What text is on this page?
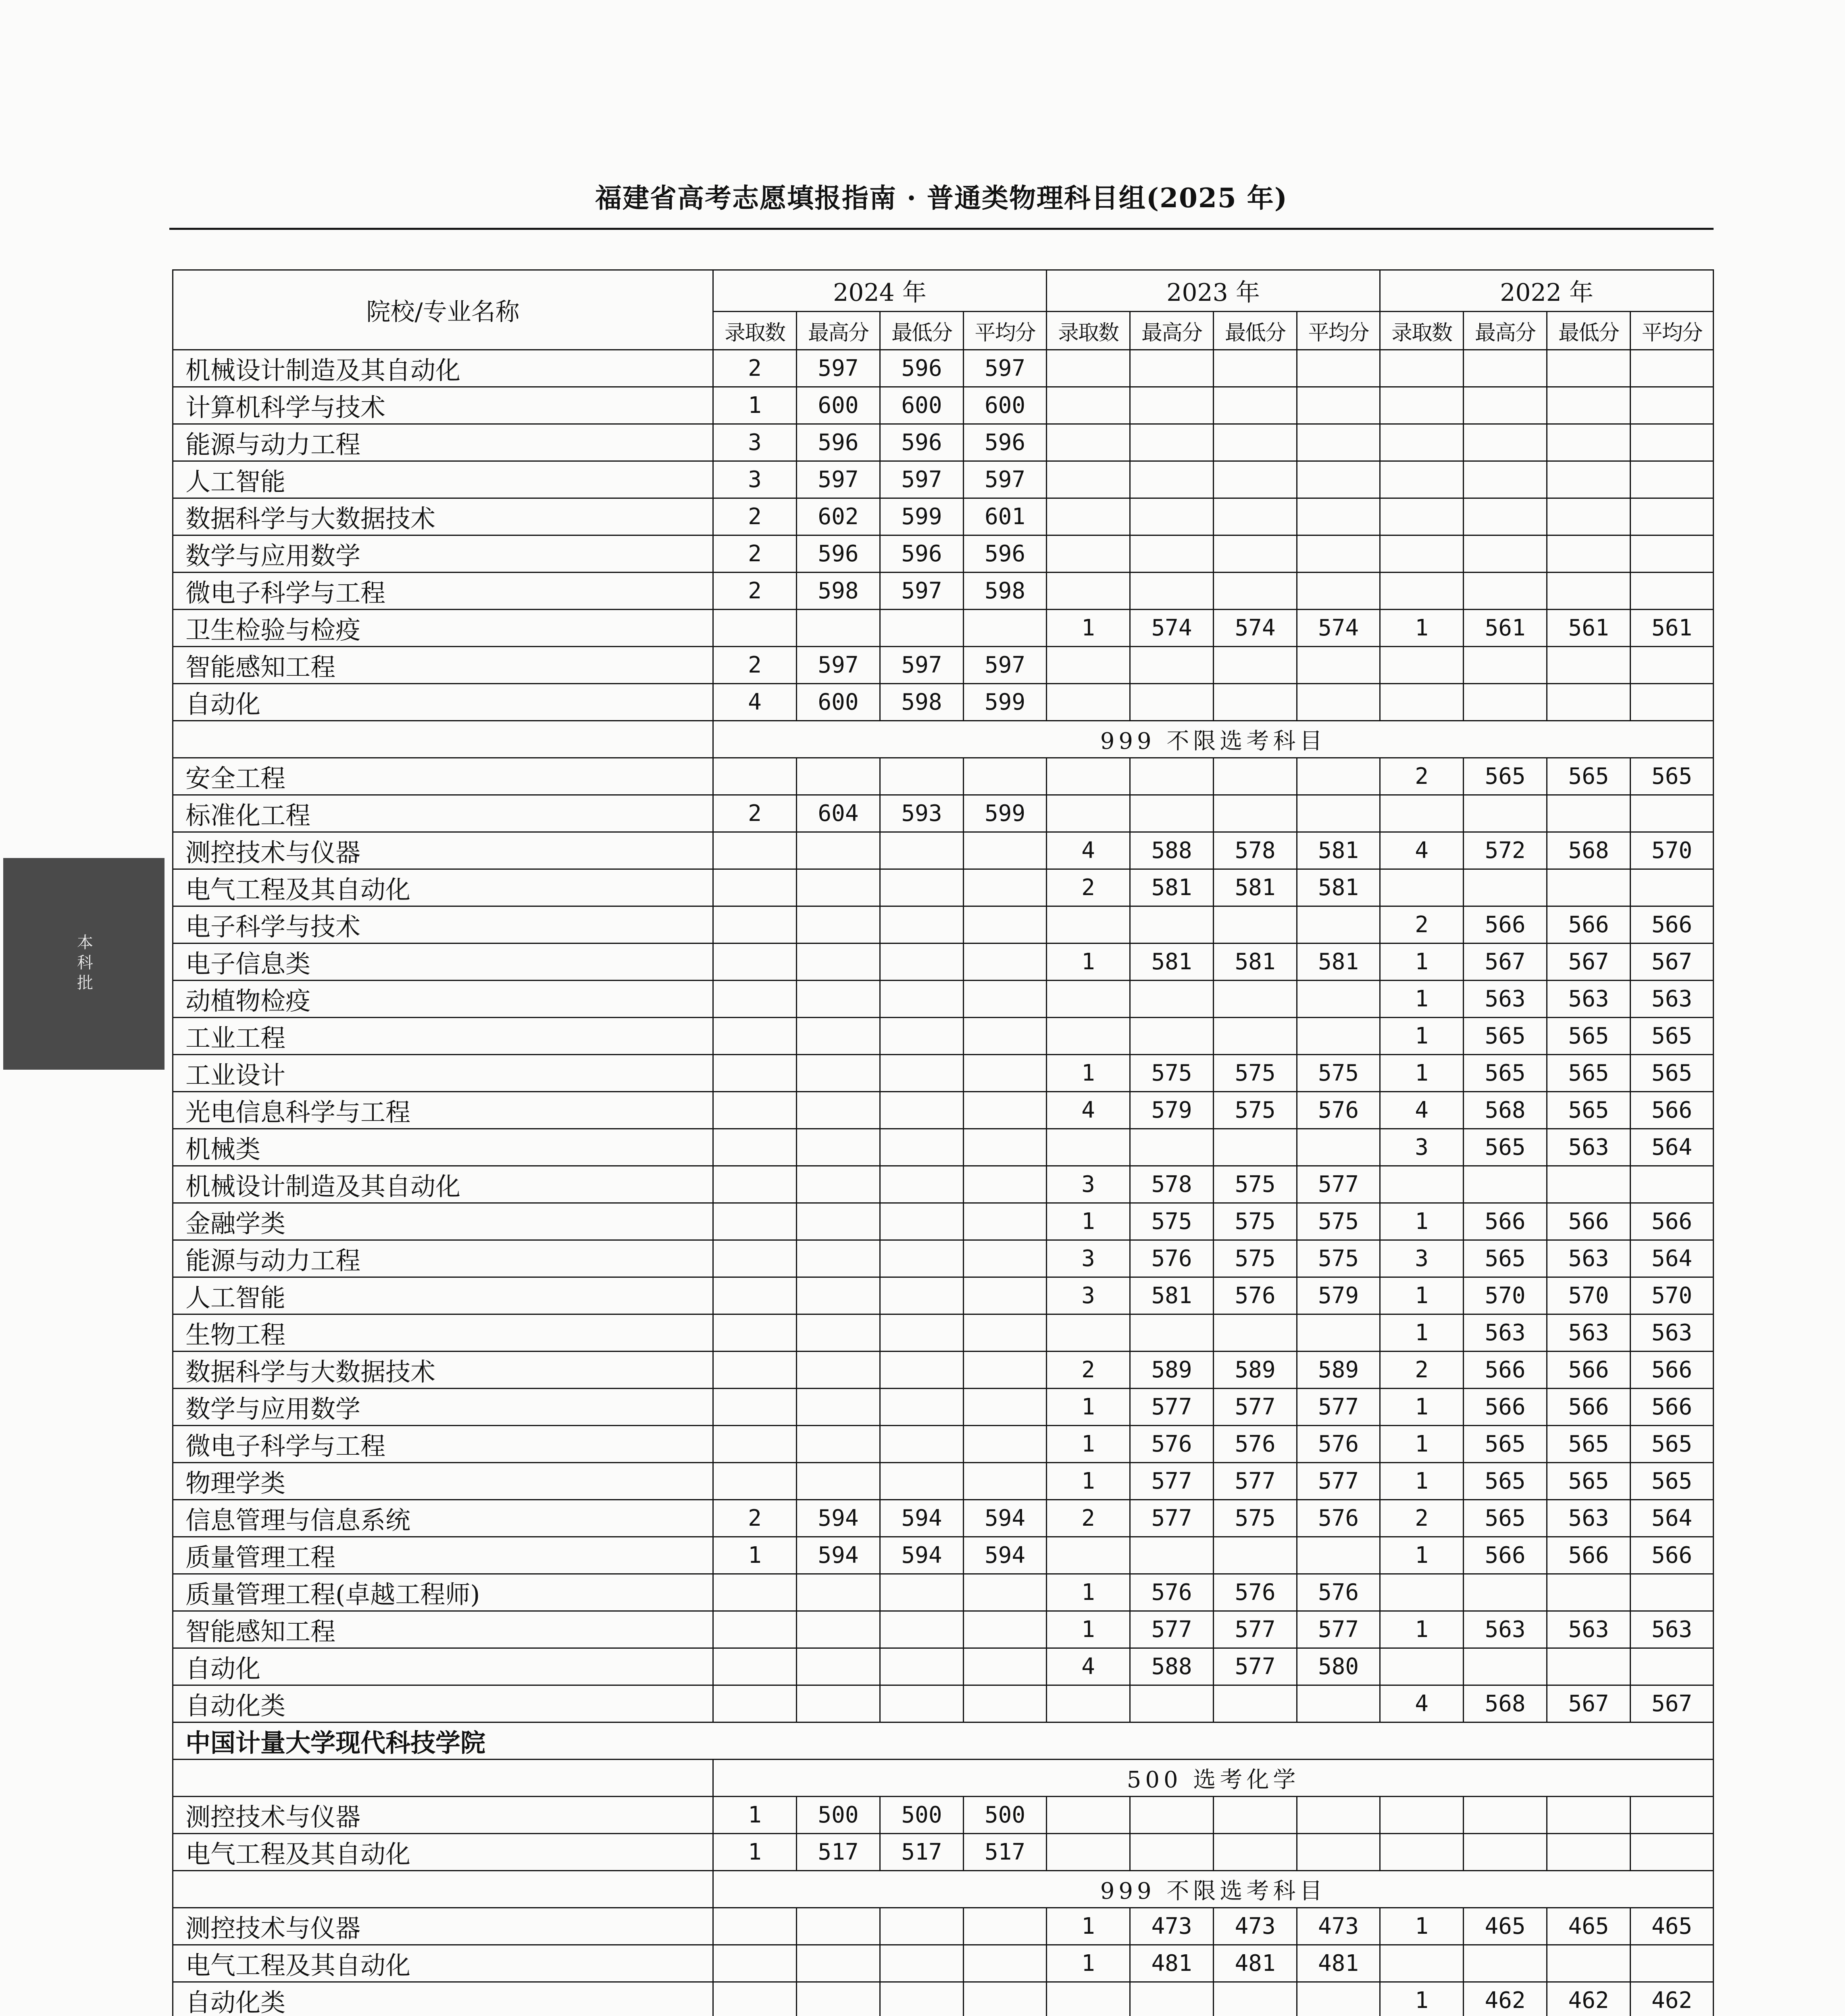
福建省高考志愿填报指南 · 普通类物理科目组(2025 年)
本科批
院校/专业名称	2024 年				2023 年				2022 年			
	录取数	最高分	最低分	平均分	录取数	最高分	最低分	平均分	录取数	最高分	最低分	平均分
机械设计制造及其自动化	2	597	596	597								
计算机科学与技术	1	600	600	600								
能源与动力工程	3	596	596	596								
人工智能	3	597	597	597								
数据科学与大数据技术	2	602	599	601								
数学与应用数学	2	596	596	596								
微电子科学与工程	2	598	597	598								
卫生检验与检疫					1	574	574	574	1	561	561	561
智能感知工程	2	597	597	597								
自动化	4	600	598	599								
	999 不限选考科目											
安全工程									2	565	565	565
标准化工程	2	604	593	599								
测控技术与仪器					4	588	578	581	4	572	568	570
电气工程及其自动化					2	581	581	581				
电子科学与技术									2	566	566	566
电子信息类					1	581	581	581	1	567	567	567
动植物检疫									1	563	563	563
工业工程									1	565	565	565
工业设计					1	575	575	575	1	565	565	565
光电信息科学与工程					4	579	575	576	4	568	565	566
机械类									3	565	563	564
机械设计制造及其自动化					3	578	575	577				
金融学类					1	575	575	575	1	566	566	566
能源与动力工程					3	576	575	575	3	565	563	564
人工智能					3	581	576	579	1	570	570	570
生物工程									1	563	563	563
数据科学与大数据技术					2	589	589	589	2	566	566	566
数学与应用数学					1	577	577	577	1	566	566	566
微电子科学与工程					1	576	576	576	1	565	565	565
物理学类					1	577	577	577	1	565	565	565
信息管理与信息系统	2	594	594	594	2	577	575	576	2	565	563	564
质量管理工程	1	594	594	594					1	566	566	566
质量管理工程(卓越工程师)					1	576	576	576				
智能感知工程					1	577	577	577	1	563	563	563
自动化					4	588	577	580				
自动化类									4	568	567	567
中国计量大学现代科技学院												
	500 选考化学											
测控技术与仪器	1	500	500	500								
电气工程及其自动化	1	517	517	517								
	999 不限选考科目											
测控技术与仪器					1	473	473	473	1	465	465	465
电气工程及其自动化					1	481	481	481				
自动化类									1	462	462	462
